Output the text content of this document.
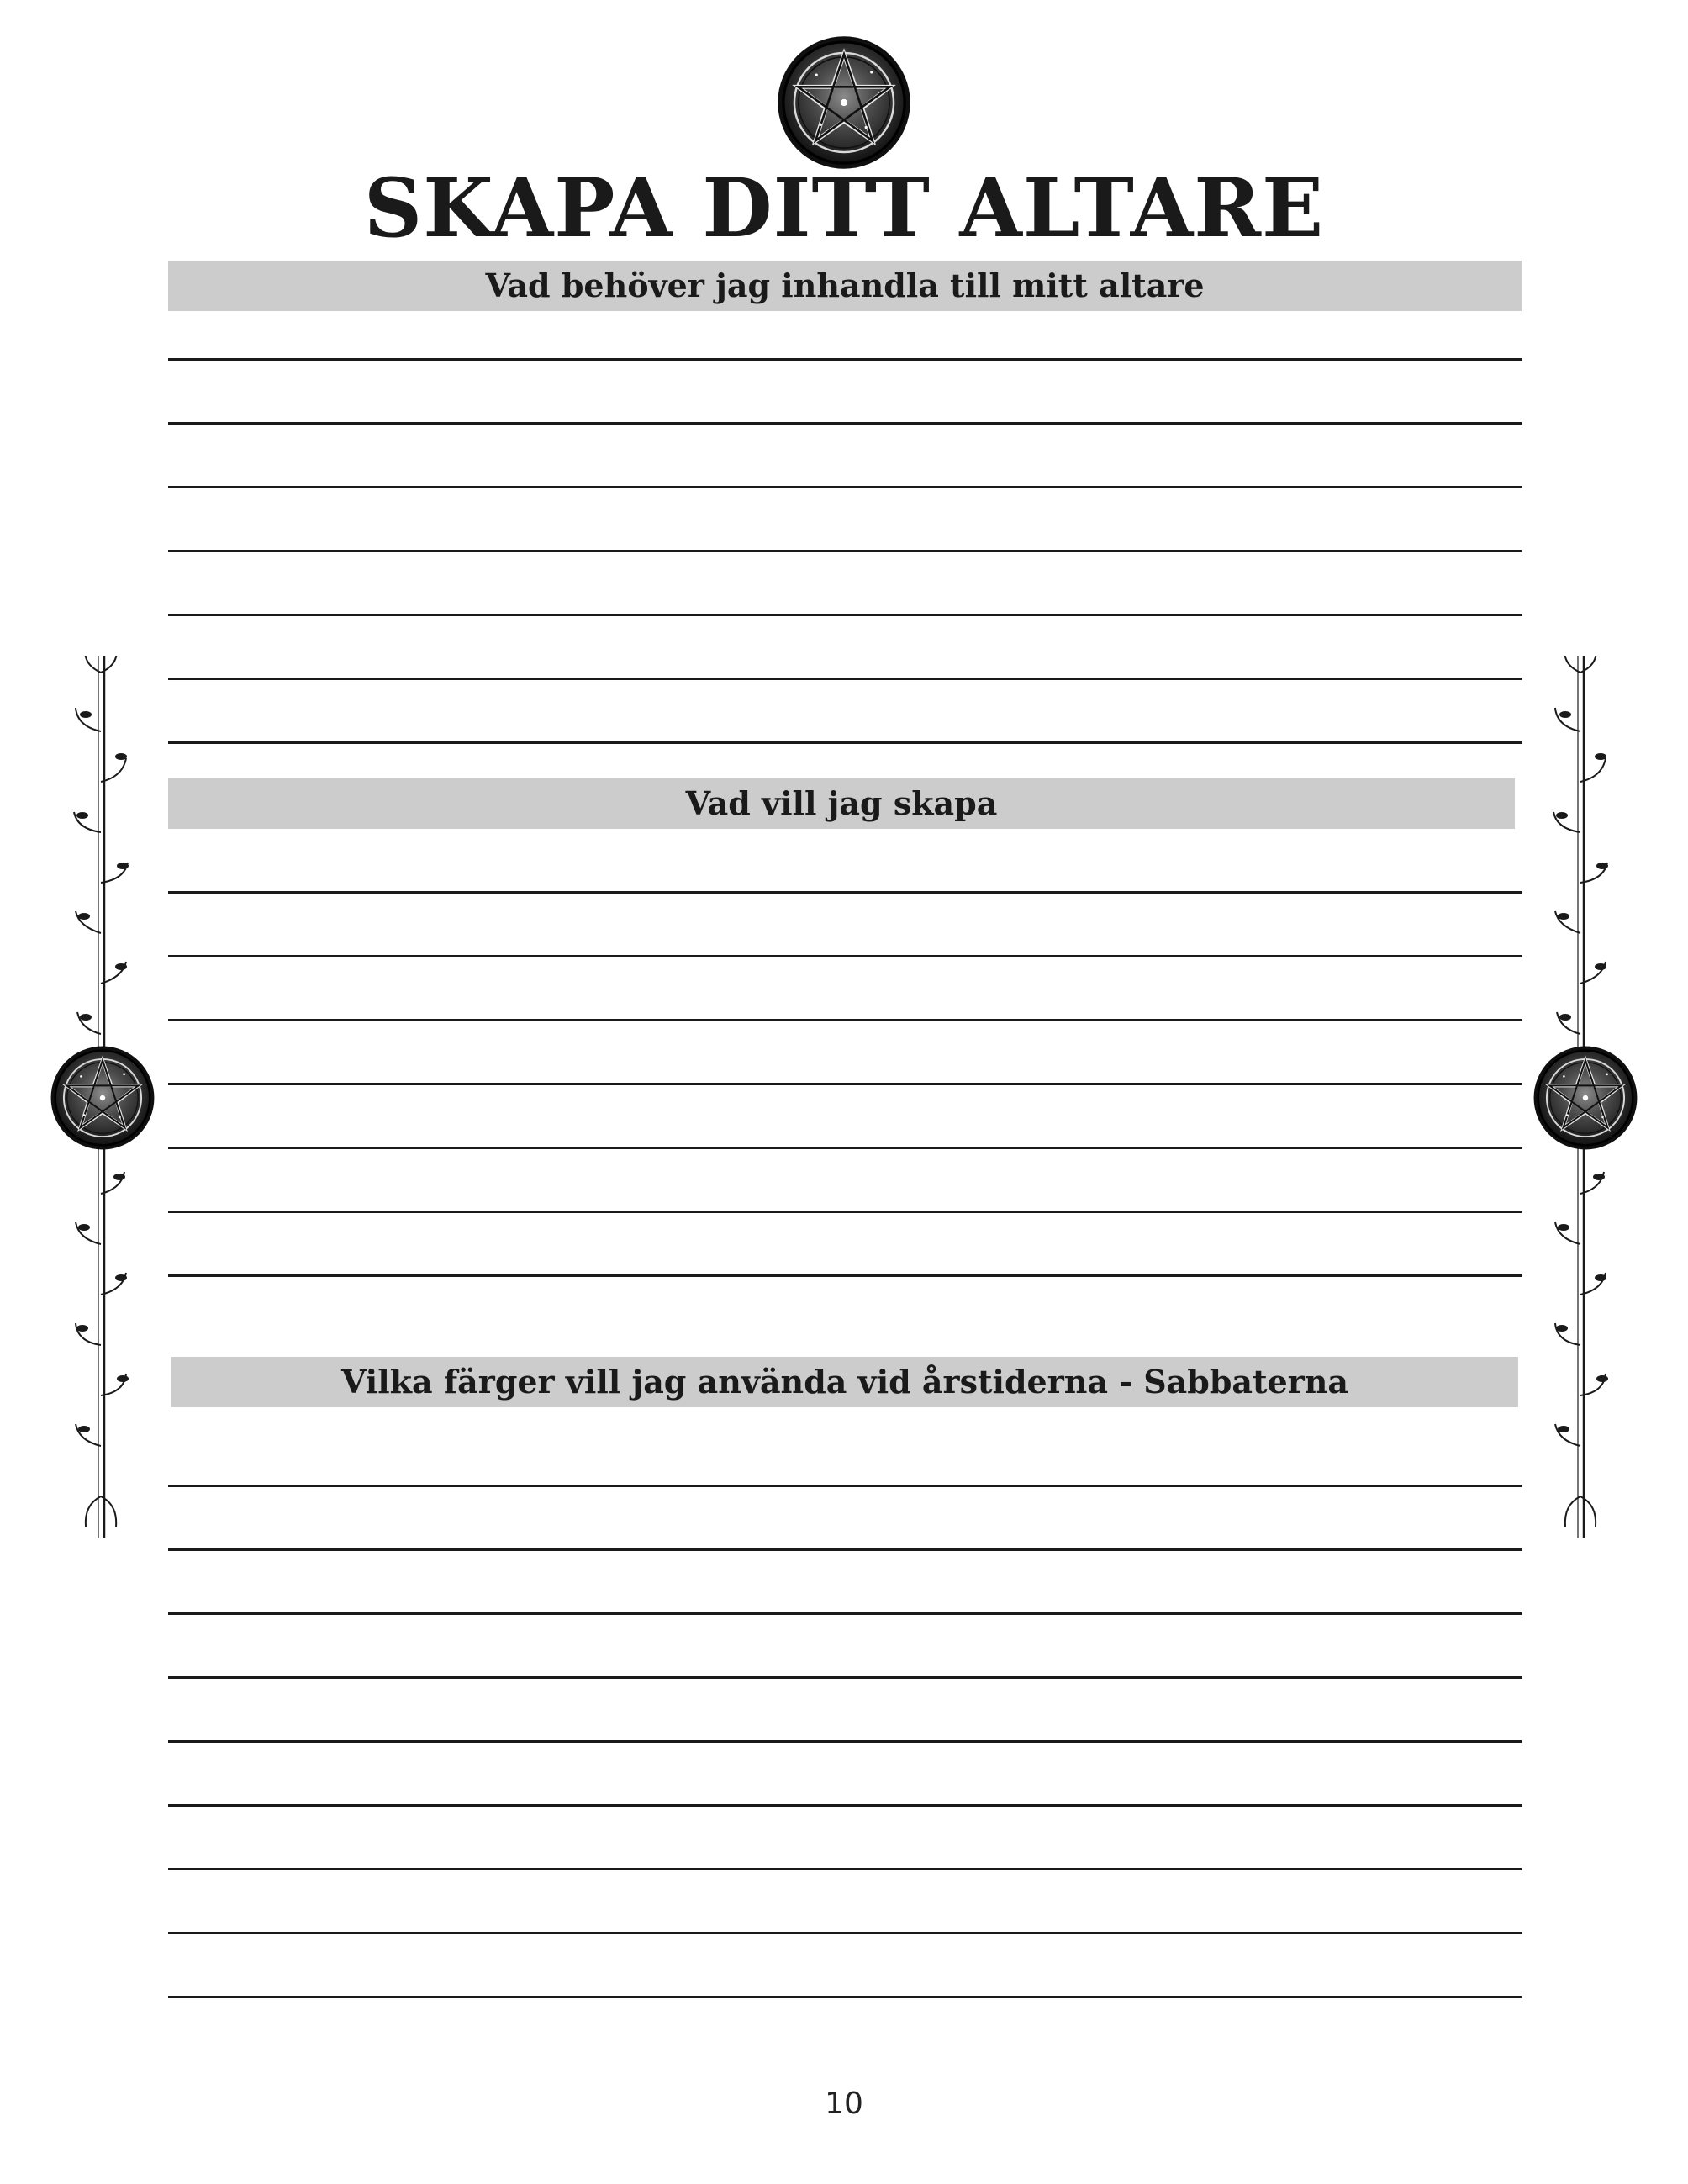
SKAPA DITT ALTARE
Vad behöver jag inhandla till mitt altare
Vad vill jag skapa
Vilka färger vill jag använda vid årstiderna - Sabbaterna
10
